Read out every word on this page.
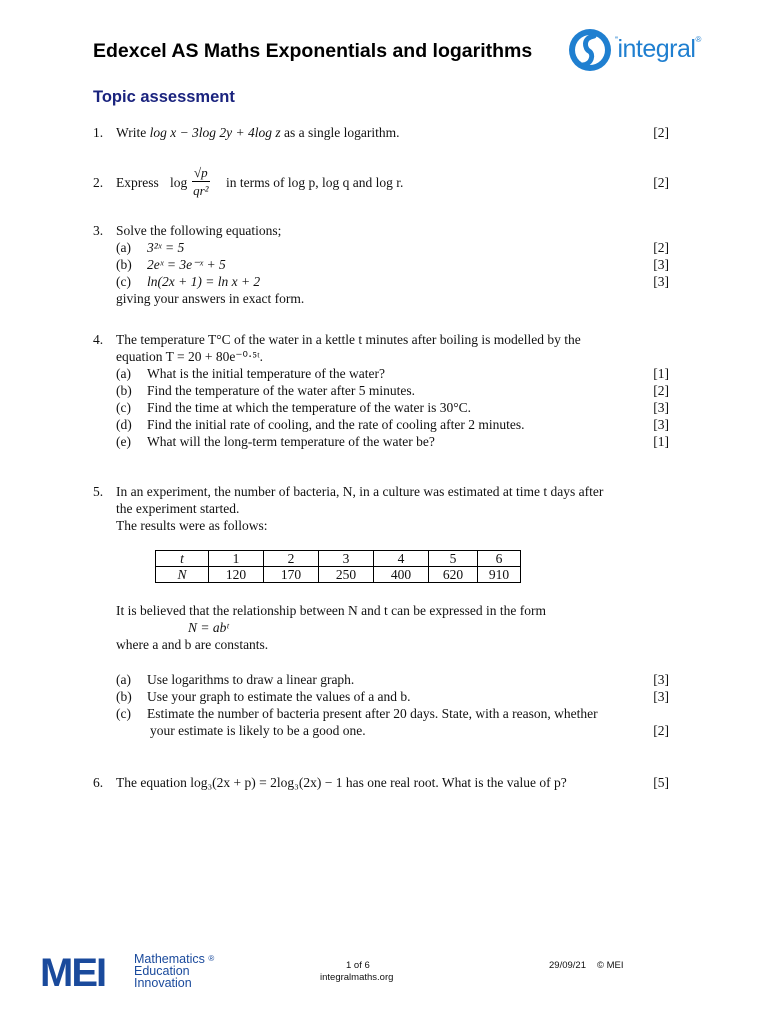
Edexcel AS Maths Exponentials and logarithms	''integral®
Topic assessment
1. Write log x − 3log 2y + 4log z as a single logarithm.	[2]
2. Express $\log \frac{√p}{\text{qr²}}$ in terms of log p, log q and log r.	[2]
3. Solve the following equations;
(a) 3²ˣ = 5	[2]
(b) 2eˣ = 3e⁻ˣ + 5	[3]
(c) ln(2x + 1) = ln x + 2	[3]
giving your answers in exact form.
4. The temperature T°C of the water in a kettle t minutes after boiling is modelled by the
equation T = 20 + 80e⁻⁰·⁵ᵗ.
(a) What is the initial temperature of the water?	[1]
(b) Find the temperature of the water after 5 minutes.	[2]
(c) Find the time at which the temperature of the water is 30°C.	[3]
(d) Find the initial rate of cooling, and the rate of cooling after 2 minutes.	[3]
(e) What will the long-term temperature of the water be?	[1]
5. In an experiment, the number of bacteria, N, in a culture was estimated at time t days after
the experiment started.
The results were as follows:
t	1	2	3	4	5	6
N	120	170	250	400	620	910
It is believed that the relationship between N and t can be expressed in the form
N = abᵗ
where a and b are constants.
(a) Use logarithms to draw a linear graph.	[3]
(b) Use your graph to estimate the values of a and b.	[3]
(c) Estimate the number of bacteria present after 20 days. State, with a reason, whether
your estimate is likely to be a good one.	[2]
6. The equation log₃(2x + p) = 2log₃(2x) − 1 has one real root. What is the value of p?	[5]
MEI Mathematics ®
Education
Innovation
1 of 6
integralmaths.org
29/09/21 © MEI
